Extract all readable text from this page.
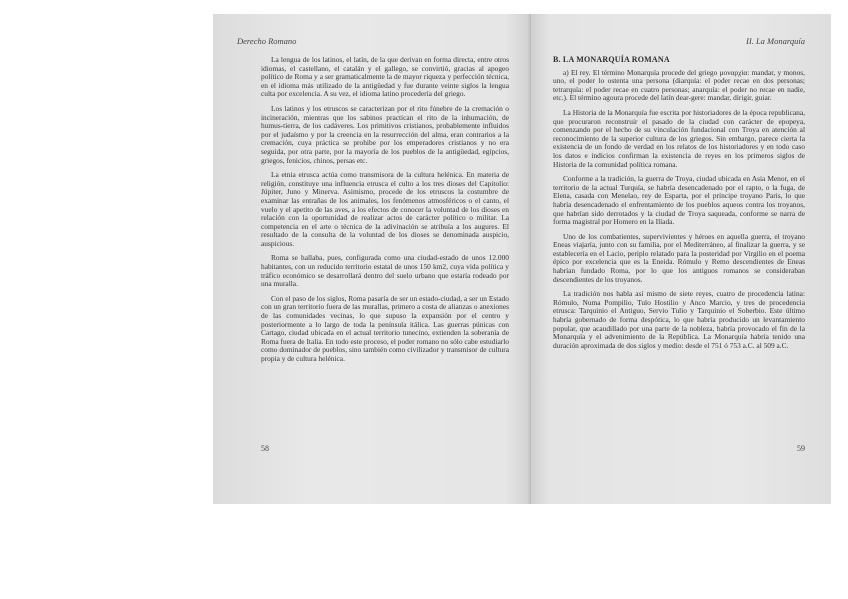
Derecho Romano

La lengua de los latinos, el latín, de la que derivan en forma directa, entre otros idiomas, el castellano, el catalán y el gallego, se convirtió, gracias al apogeo político de Roma y a ser gramaticalmente la de mayor riqueza y perfección técnica, en el idioma más utilizado de la antigüedad y fue durante veinte siglos la lengua culta por excelencia. A su vez, el idioma latino procedería del griego.

Los latinos y los etruscos se caracterizan por el rito fúnebre de la cremación o incineración, mientras que los sabinos practican el rito de la inhumación, de humus-tierra, de los cadáveres. Los primitivos cristianos, probablemente influidos por el judaísmo y por la creencia en la resurrección del alma, eran contrarios a la cremación, cuya práctica se prohibe por los emperadores cristianos y no era seguida, por otra parte, por la mayoría de los pueblos de la antigüedad, egipcios, griegos, fenicios, chinos, persas etc.

La etnia etrusca actúa como transmisora de la cultura helénica. En materia de religión, constituye una influencia etrusca el culto a los tres dioses del Capitolio: Júpiter, Juno y Minerva. Asimismo, procede de los etruscos la costumbre de examinar las entrañas de los animales, los fenómenos atmosféricos o el canto, el vuelo y el apetito de las aves, a los efectos de conocer la voluntad de los dioses en relación con la oportunidad de realizar actos de carácter político o militar. La competencia en el arte o técnica de la adivinación se atribuía a los augures. El resultado de la consulta de la voluntad de los dioses se denominada auspicio, auspicious.

Roma se hallaba, pues, configurada como una ciudad-estado de unos 12.000 habitantes, con un reducido territorio estatal de unos 150 km2, cuya vida política y tráfico económico se desarrollará dentro del suelo urbano que estaría rodeado por una muralla.

Con el paso de los siglos, Roma pasaría de ser un estado-ciudad, a ser un Estado con un gran territorio fuera de las murallas, primero a costa de alianzas o anexiones de las comunidades vecinas, lo que supuso la expansión por el centro y posteriormente a lo largo de toda la península itálica. Las guerras púnicas con Cartago, ciudad ubicada en el actual territorio tunecino, extienden la soberanía de Roma fuera de Italia. En todo este proceso, el poder romano no sólo cabe estudiarlo como dominador de pueblos, sino también como civilizador y transmisor de cultura propia y de cultura helénica.

58
II. La Monarquía
B. LA MONARQUÍA ROMANA

a) El rey. El término Monarquía procede del griego μοναρχία: mandar, y monos, uno, el poder lo ostenta una persona (diarquía: el poder recae en dos personas; tetrarquía: el poder recae en cuatro personas; anarquía: el poder no recae en nadie, etc.). El término agoura procede del latín dear-gere: mandar, dirigir, guiar.

La Historia de la Monarquía fue escrita por historiadores de la época republicana, que procuraron reconstruir el pasado de la ciudad con carácter de epopeya, comenzando por el hecho de su vinculación fundacional con Troya en atención al reconocimiento de la superior cultura de los griegos. Sin embargo, parece cierta la existencia de un fondo de verdad en los relatos de los historiadores y en todo caso los datos e indicios confirman la existencia de reyes en los primeros siglos de Historia de la comunidad política romana.

Conforme a la tradición, la guerra de Troya, ciudad ubicada en Asia Menor, en el territorio de la actual Turquía, se habría desencadenado por el rapto, o la fuga, de Elena, casada con Menelao, rey de Esparta, por el príncipe troyano Paris, lo que habría desencadenado el enfrentamiento de los pueblos aqueos contra los troyanos, que habrían sido derrotados y la ciudad de Troya saqueada, conforme se narra de forma magistral por Homero en la Ilíada.

Uno de los combatientes, supervivientes y héroes en aquella guerra, el troyano Eneas viajaría, junto con su familia, por el Mediterráneo, al finalizar la guerra, y se establecería en el Lacio, periplo relatado para la posteridad por Virgilio en el poema épico por excelencia que es la Eneida. Rómulo y Remo descendientes de Eneas habrían fundado Roma, por lo que los antiguos romanos se consideraban descendientes de los troyanos.

La tradición nos habla así mismo de siete reyes, cuatro de procedencia latina: Rómulo, Numa Pompilio, Tulo Hostilio y Anco Marcio, y tres de procedencia etrusca: Tarquinio el Antiguo, Servio Tulio y Tarquinio el Soberbio. Este último habría gobernado de forma despótica, lo que habría producido un levantamiento popular, que acaudillado por una parte de la nobleza, habría provocado el fin de la Monarquía y el advenimiento de la República. La Monarquía habría tenido una duración aproximada de dos siglos y medio: desde el 751 ó 753 a.C. al 509 a.C.

59
